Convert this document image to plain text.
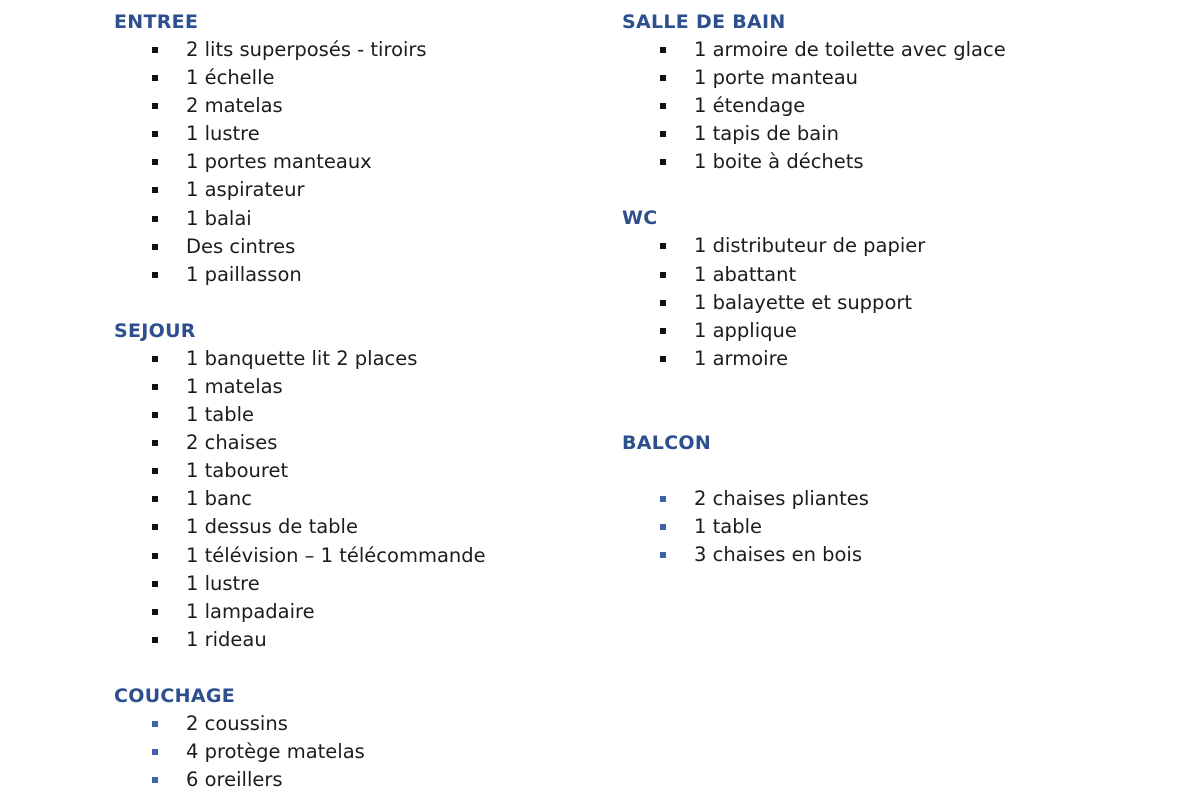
ENTREE
2 lits superposés - tiroirs
1 échelle
2 matelas
1 lustre
1 portes manteaux
1 aspirateur
1 balai
Des cintres
1 paillasson
SEJOUR
1 banquette lit 2 places
1 matelas
1 table
2 chaises
1 tabouret
1 banc
1 dessus de table
1 télévision – 1 télécommande
1 lustre
1 lampadaire
1 rideau
COUCHAGE
2 coussins
4 protège matelas
6 oreillers
SALLE DE BAIN
1 armoire de toilette avec glace
1 porte manteau
1 étendage
1 tapis de bain
1 boite à déchets
WC
1 distributeur de papier
1 abattant
1 balayette et support
1 applique
1 armoire
BALCON
2 chaises pliantes
1 table
3 chaises en bois
